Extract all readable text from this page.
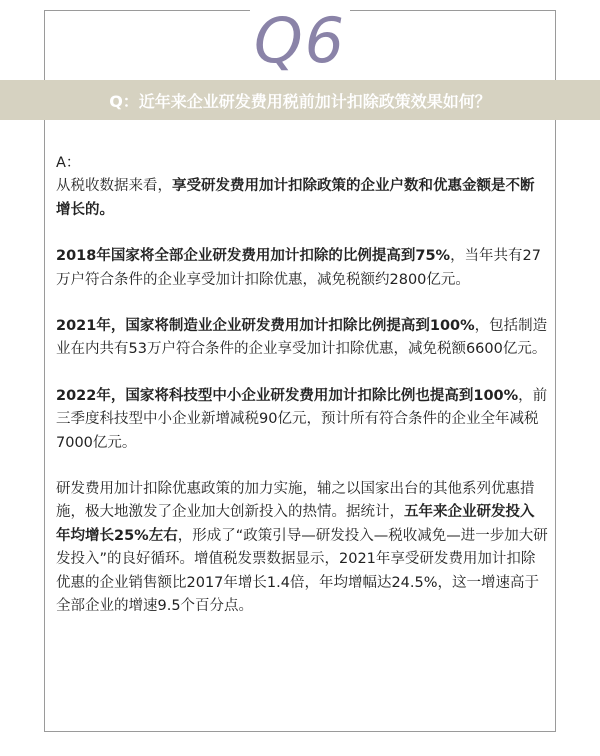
Q6
Q：近年来企业研发费用税前加计扣除政策效果如何？

A：

从税收数据来看，享受研发费用加计扣除政策的企业户数和优惠金额是不断增长的。

2018年国家将全部企业研发费用加计扣除的比例提高到75%，当年共有27万户符合条件的企业享受加计扣除优惠，减免税额约2800亿元。

2021年，国家将制造业企业研发费用加计扣除比例提高到100%，包括制造业在内共有53万户符合条件的企业享受加计扣除优惠，减免税额6600亿元。

2022年，国家将科技型中小企业研发费用加计扣除比例也提高到100%，前三季度科技型中小企业新增减税90亿元，预计所有符合条件的企业全年减税7000亿元。

研发费用加计扣除优惠政策的加力实施，辅之以国家出台的其他系列优惠措施，极大地激发了企业加大创新投入的热情。据统计，五年来企业研发投入年均增长25%左右，形成了“政策引导—研发投入—税收减免—进一步加大研发投入”的良好循环。增值税发票数据显示，2021年享受研发费用加计扣除优惠的企业销售额比2017年增长1.4倍，年均增幅达24.5%，这一增速高于全部企业的增速9.5个百分点。
